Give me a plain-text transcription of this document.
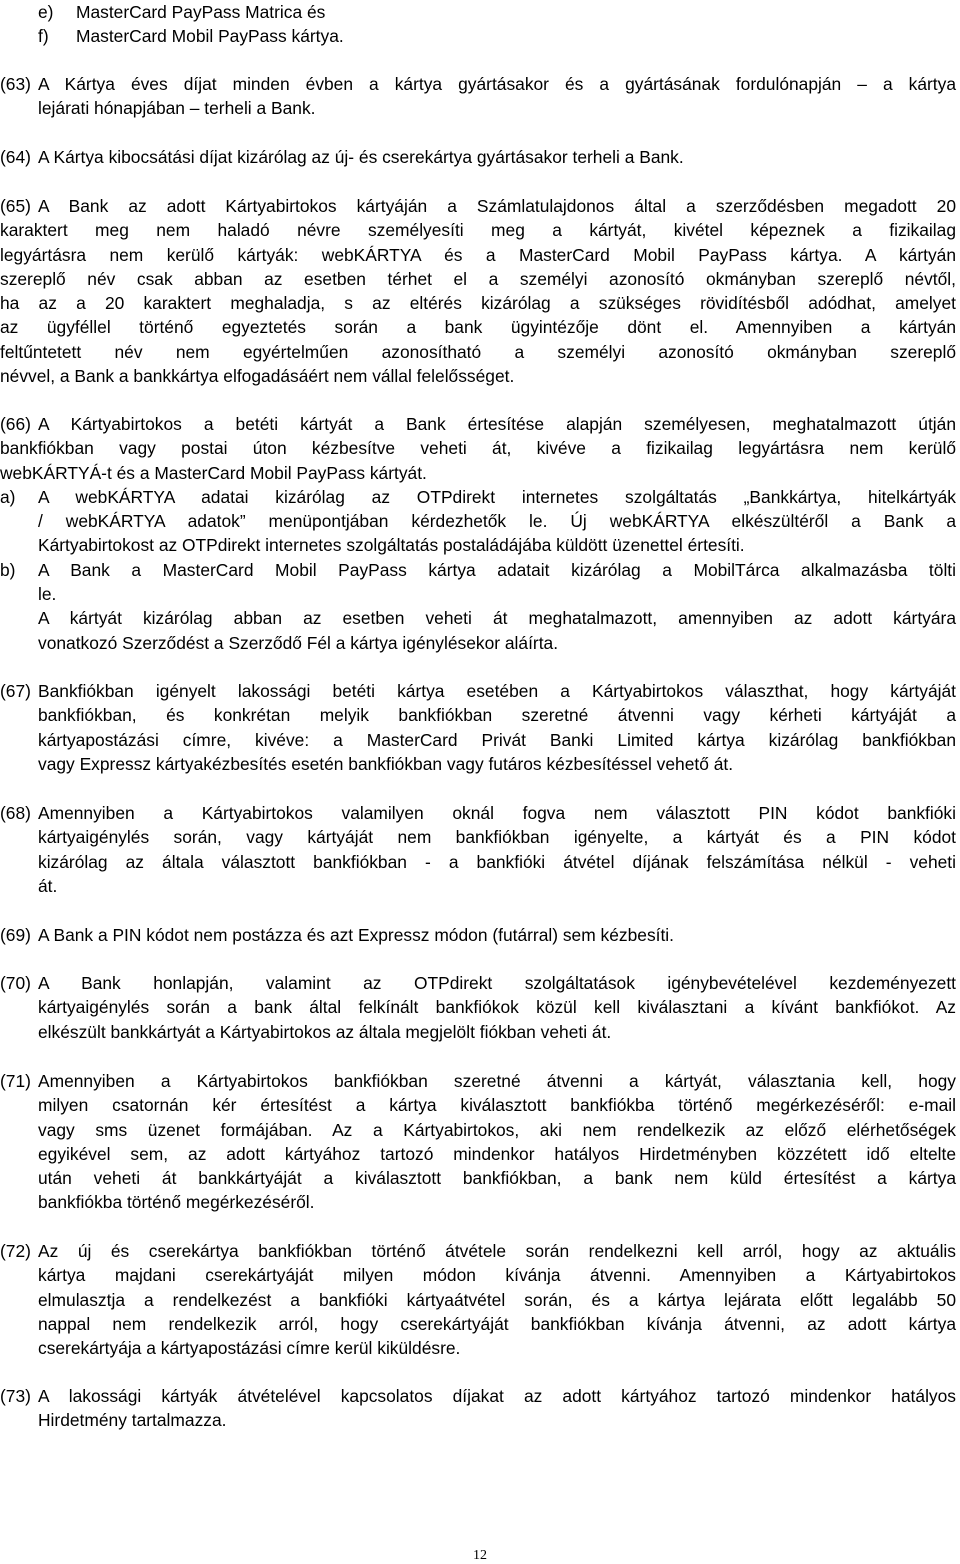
e)	MasterCard PayPass Matrica és
f)	MasterCard Mobil PayPass kártya.
(63) A Kártya éves díjat minden évben a kártya gyártásakor és a gyártásának fordulónapján – a kártya
lejárati hónapjában – terheli a Bank.
(64) A Kártya kibocsátási díjat kizárólag az új- és cserekártya gyártásakor terheli a Bank.
(65) A Bank az adott Kártyabirtokos kártyáján a Számlatulajdonos által a szerződésben megadott 20
karaktert meg nem haladó névre személyesíti meg a kártyát, kivétel képeznek a fizikailag
legyártásra nem kerülő kártyák: webKÁRTYA és a MasterCard Mobil PayPass kártya. A kártyán
szereplő név csak abban az esetben térhet el a személyi azonosító okmányban szereplő névtől,
ha az a 20 karaktert meghaladja, s az eltérés kizárólag a szükséges rövidítésből adódhat, amelyet
az ügyféllel történő egyeztetés során a bank ügyintézője dönt el. Amennyiben a kártyán
feltűntetett név nem egyértelműen azonosítható a személyi azonosító okmányban szereplő
névvel, a Bank a bankkártya elfogadásáért nem vállal felelősséget.
(66) A Kártyabirtokos a betéti kártyát a Bank értesítése alapján személyesen, meghatalmazott útján
bankfiókban vagy postai úton kézbesítve veheti át, kivéve a fizikailag legyártásra nem kerülő
webKÁRTYÁ-t és a MasterCard Mobil PayPass kártyát.
a) A webKÁRTYA adatai kizárólag az OTPdirekt internetes szolgáltatás „Bankkártya, hitelkártyák
/ webKÁRTYA adatok” menüpontjában kérdezhetők le. Új webKÁRTYA elkészültéről a Bank a
Kártyabirtokost az OTPdirekt internetes szolgáltatás postaládájába küldött üzenettel értesíti.
b) A Bank a MasterCard Mobil PayPass kártya adatait kizárólag a MobilTárca alkalmazásba tölti
le.
A kártyát kizárólag abban az esetben veheti át meghatalmazott, amennyiben az adott kártyára
vonatkozó Szerződést a Szerződő Fél a kártya igénylésekor aláírta.
(67) Bankfiókban igényelt lakossági betéti kártya esetében a Kártyabirtokos választhat, hogy kártyáját
bankfiókban, és konkrétan melyik bankfiókban szeretné átvenni vagy kérheti kártyáját a
kártyapostázási címre, kivéve: a MasterCard Privát Banki Limited kártya kizárólag bankfiókban
vagy Expressz kártyakézbesítés esetén bankfiókban vagy futáros kézbesítéssel vehető át.
(68) Amennyiben a Kártyabirtokos valamilyen oknál fogva nem választott PIN kódot bankfióki
kártyaigénylés során, vagy kártyáját nem bankfiókban igényelte, a kártyát és a PIN kódot
kizárólag az általa választott bankfiókban - a bankfióki átvétel díjának felszámítása nélkül - veheti
át.
(69) A Bank a PIN kódot nem postázza és azt Expressz módon (futárral) sem kézbesíti.
(70) A Bank honlapján, valamint az OTPdirekt szolgáltatások igénybevételével kezdeményezett
kártyaigénylés során a bank által felkínált bankfiókok közül kell kiválasztani a kívánt bankfiókot. Az
elkészült bankkártyát a Kártyabirtokos az általa megjelölt fiókban veheti át.
(71) Amennyiben a Kártyabirtokos bankfiókban szeretné átvenni a kártyát, választania kell, hogy
milyen csatornán kér értesítést a kártya kiválasztott bankfiókba történő megérkezéséről: e-mail
vagy sms üzenet formájában. Az a Kártyabirtokos, aki nem rendelkezik az előző elérhetőségek
egyikével sem, az adott kártyához tartozó mindenkor hatályos Hirdetményben közzétett idő eltelte
után veheti át bankkártyáját a kiválasztott bankfiókban, a bank nem küld értesítést a kártya
bankfiókba történő megérkezéséről.
(72) Az új és cserekártya bankfiókban történő átvétele során rendelkezni kell arról, hogy az aktuális
kártya majdani cserekártyáját milyen módon kívánja átvenni. Amennyiben a Kártyabirtokos
elmulasztja a rendelkezést a bankfióki kártyaátvétel során, és a kártya lejárata előtt legalább 50
nappal nem rendelkezik arról, hogy cserekártyáját bankfiókban kívánja átvenni, az adott kártya
cserekártyája a kártyapostázási címre kerül kiküldésre.
(73) A lakossági kártyák átvételével kapcsolatos díjakat az adott kártyához tartozó mindenkor hatályos
Hirdetmény tartalmazza.
12
